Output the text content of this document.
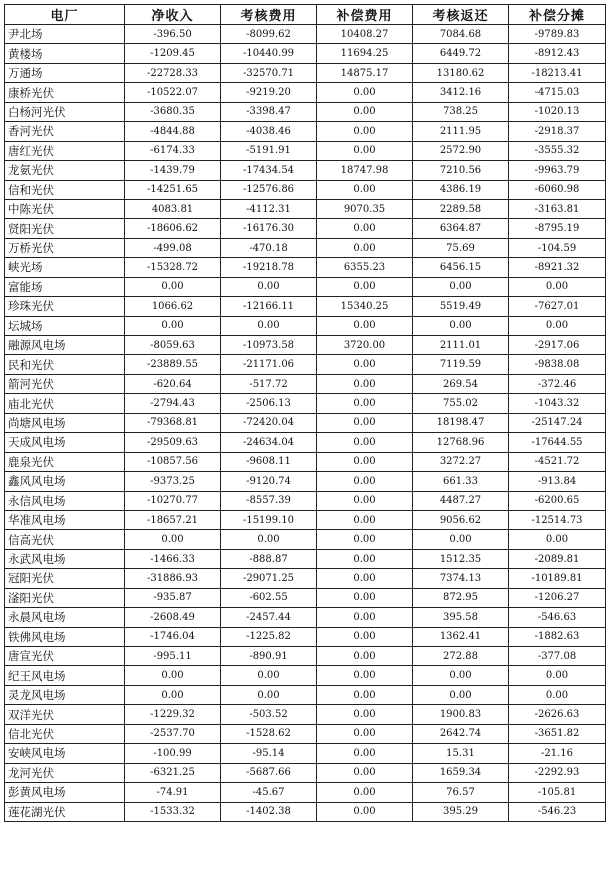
电厂	净收入	考核费用	补偿费用	考核返还	补偿分摊
尹北场	-396.50	-8099.62	10408.27	7084.68	-9789.83
黄楼场	-1209.45	-10440.99	11694.25	6449.72	-8912.43
万通场	-22728.33	-32570.71	14875.17	13180.62	-18213.41
康桥光伏	-10522.07	-9219.20	0.00	3412.16	-4715.03
白杨河光伏	-3680.35	-3398.47	0.00	738.25	-1020.13
香河光伏	-4844.88	-4038.46	0.00	2111.95	-2918.37
唐红光伏	-6174.33	-5191.91	0.00	2572.90	-3555.32
龙氨光伏	-1439.79	-17434.54	18747.98	7210.56	-9963.79
信和光伏	-14251.65	-12576.86	0.00	4386.19	-6060.98
中陈光伏	4083.81	-4112.31	9070.35	2289.58	-3163.81
贤阳光伏	-18606.62	-16176.30	0.00	6364.87	-8795.19
万桥光伏	-499.08	-470.18	0.00	75.69	-104.59
峡光场	-15328.72	-19218.78	6355.23	6456.15	-8921.32
富能场	0.00	0.00	0.00	0.00	0.00
珍珠光伏	1066.62	-12166.11	15340.25	5519.49	-7627.01
坛城场	0.00	0.00	0.00	0.00	0.00
融源风电场	-8059.63	-10973.58	3720.00	2111.01	-2917.06
民和光伏	-23889.55	-21171.06	0.00	7119.59	-9838.08
箭河光伏	-620.64	-517.72	0.00	269.54	-372.46
庙北光伏	-2794.43	-2506.13	0.00	755.02	-1043.32
尚塘风电场	-79368.81	-72420.04	0.00	18198.47	-25147.24
天成风电场	-29509.63	-24634.04	0.00	12768.96	-17644.55
鹿泉光伏	-10857.56	-9608.11	0.00	3272.27	-4521.72
鑫风风电场	-9373.25	-9120.74	0.00	661.33	-913.84
永信风电场	-10270.77	-8557.39	0.00	4487.27	-6200.65
华准风电场	-18657.21	-15199.10	0.00	9056.62	-12514.73
信高光伏	0.00	0.00	0.00	0.00	0.00
永武风电场	-1466.33	-888.87	0.00	1512.35	-2089.81
冠阳光伏	-31886.93	-29071.25	0.00	7374.13	-10189.81
滏阳光伏	-935.87	-602.55	0.00	872.95	-1206.27
永晨风电场	-2608.49	-2457.44	0.00	395.58	-546.63
铁佛风电场	-1746.04	-1225.82	0.00	1362.41	-1882.63
唐宣光伏	-995.11	-890.91	0.00	272.88	-377.08
纪王风电场	0.00	0.00	0.00	0.00	0.00
灵龙风电场	0.00	0.00	0.00	0.00	0.00
双洋光伏	-1229.32	-503.52	0.00	1900.83	-2626.63
信北光伏	-2537.70	-1528.62	0.00	2642.74	-3651.82
安峡风电场	-100.99	-95.14	0.00	15.31	-21.16
龙河光伏	-6321.25	-5687.66	0.00	1659.34	-2292.93
彭黄风电场	-74.91	-45.67	0.00	76.57	-105.81
莲花湖光伏	-1533.32	-1402.38	0.00	395.29	-546.23
